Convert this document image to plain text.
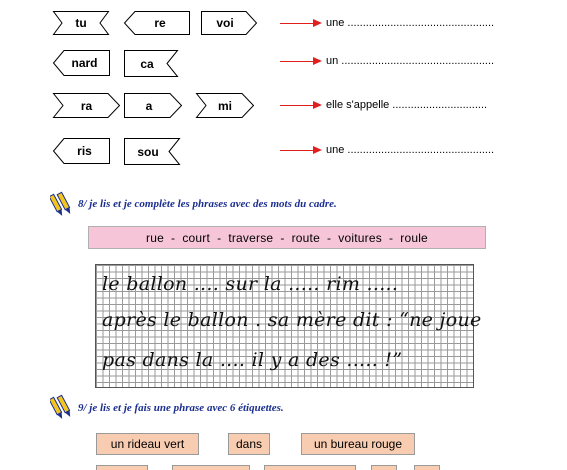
tu	re	voi
nard	ca
ra	a	mi
ris	sou
une ................................................
un ..................................................
elle s'appelle ...............................
une ................................................
8/ je lis et je complète les phrases avec des mots du cadre.
rue  -  court  -  traverse  -  route  -  voitures  -  roule
le ballon .... sur la ..... rim .....
après le ballon . sa mère dit : “ne joue
pas dans la .... il y a des ..... !”
9/ je lis et je fais une phrase avec 6 étiquettes.
un rideau vert	dans	un bureau rouge
